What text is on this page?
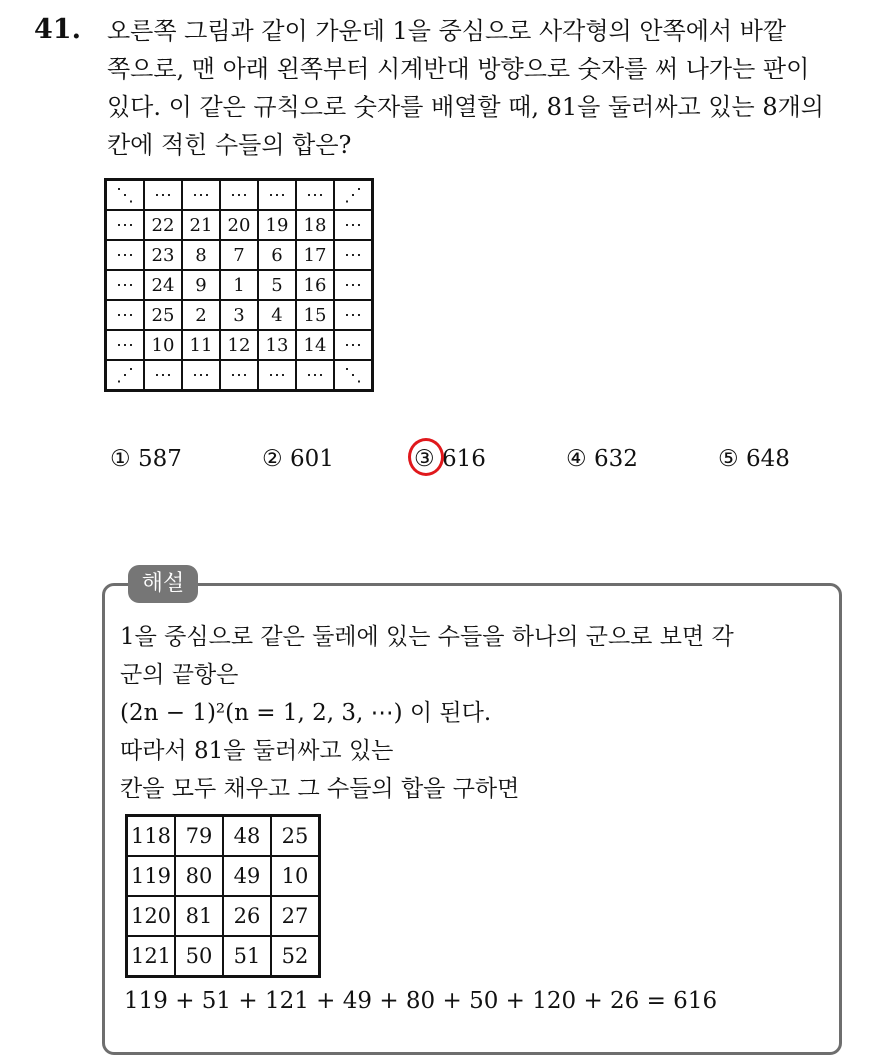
41. 오른쪽 그림과 같이 가운데 1을 중심으로 사각형의 안쪽에서 바깥
쪽으로, 맨 아래 왼쪽부터 시계반대 방향으로 숫자를 써 나가는 판이
있다. 이 같은 규칙으로 숫자를 배열할 때, 81을 둘러싸고 있는 8개의
칸에 적힌 수들의 합은?
⋱	⋯	⋯	⋯	⋯	⋯	⋰
⋯	22	21	20	19	18	⋯
⋯	23	8	7	6	17	⋯
⋯	24	9	1	5	16	⋯
⋯	25	2	3	4	15	⋯
⋯	10	11	12	13	14	⋯
⋰	⋯	⋯	⋯	⋯	⋯	⋱
① 587	② 601	③ 616	④ 632	⑤ 648
해설
1을 중심으로 같은 둘레에 있는 수들을 하나의 군으로 보면 각
군의 끝항은
(2n − 1)²(n = 1, 2, 3, ⋯) 이 된다.
따라서 81을 둘러싸고 있는
칸을 모두 채우고 그 수들의 합을 구하면
118	79	48	25
119	80	49	10
120	81	26	27
121	50	51	52
119 + 51 + 121 + 49 + 80 + 50 + 120 + 26 = 616
